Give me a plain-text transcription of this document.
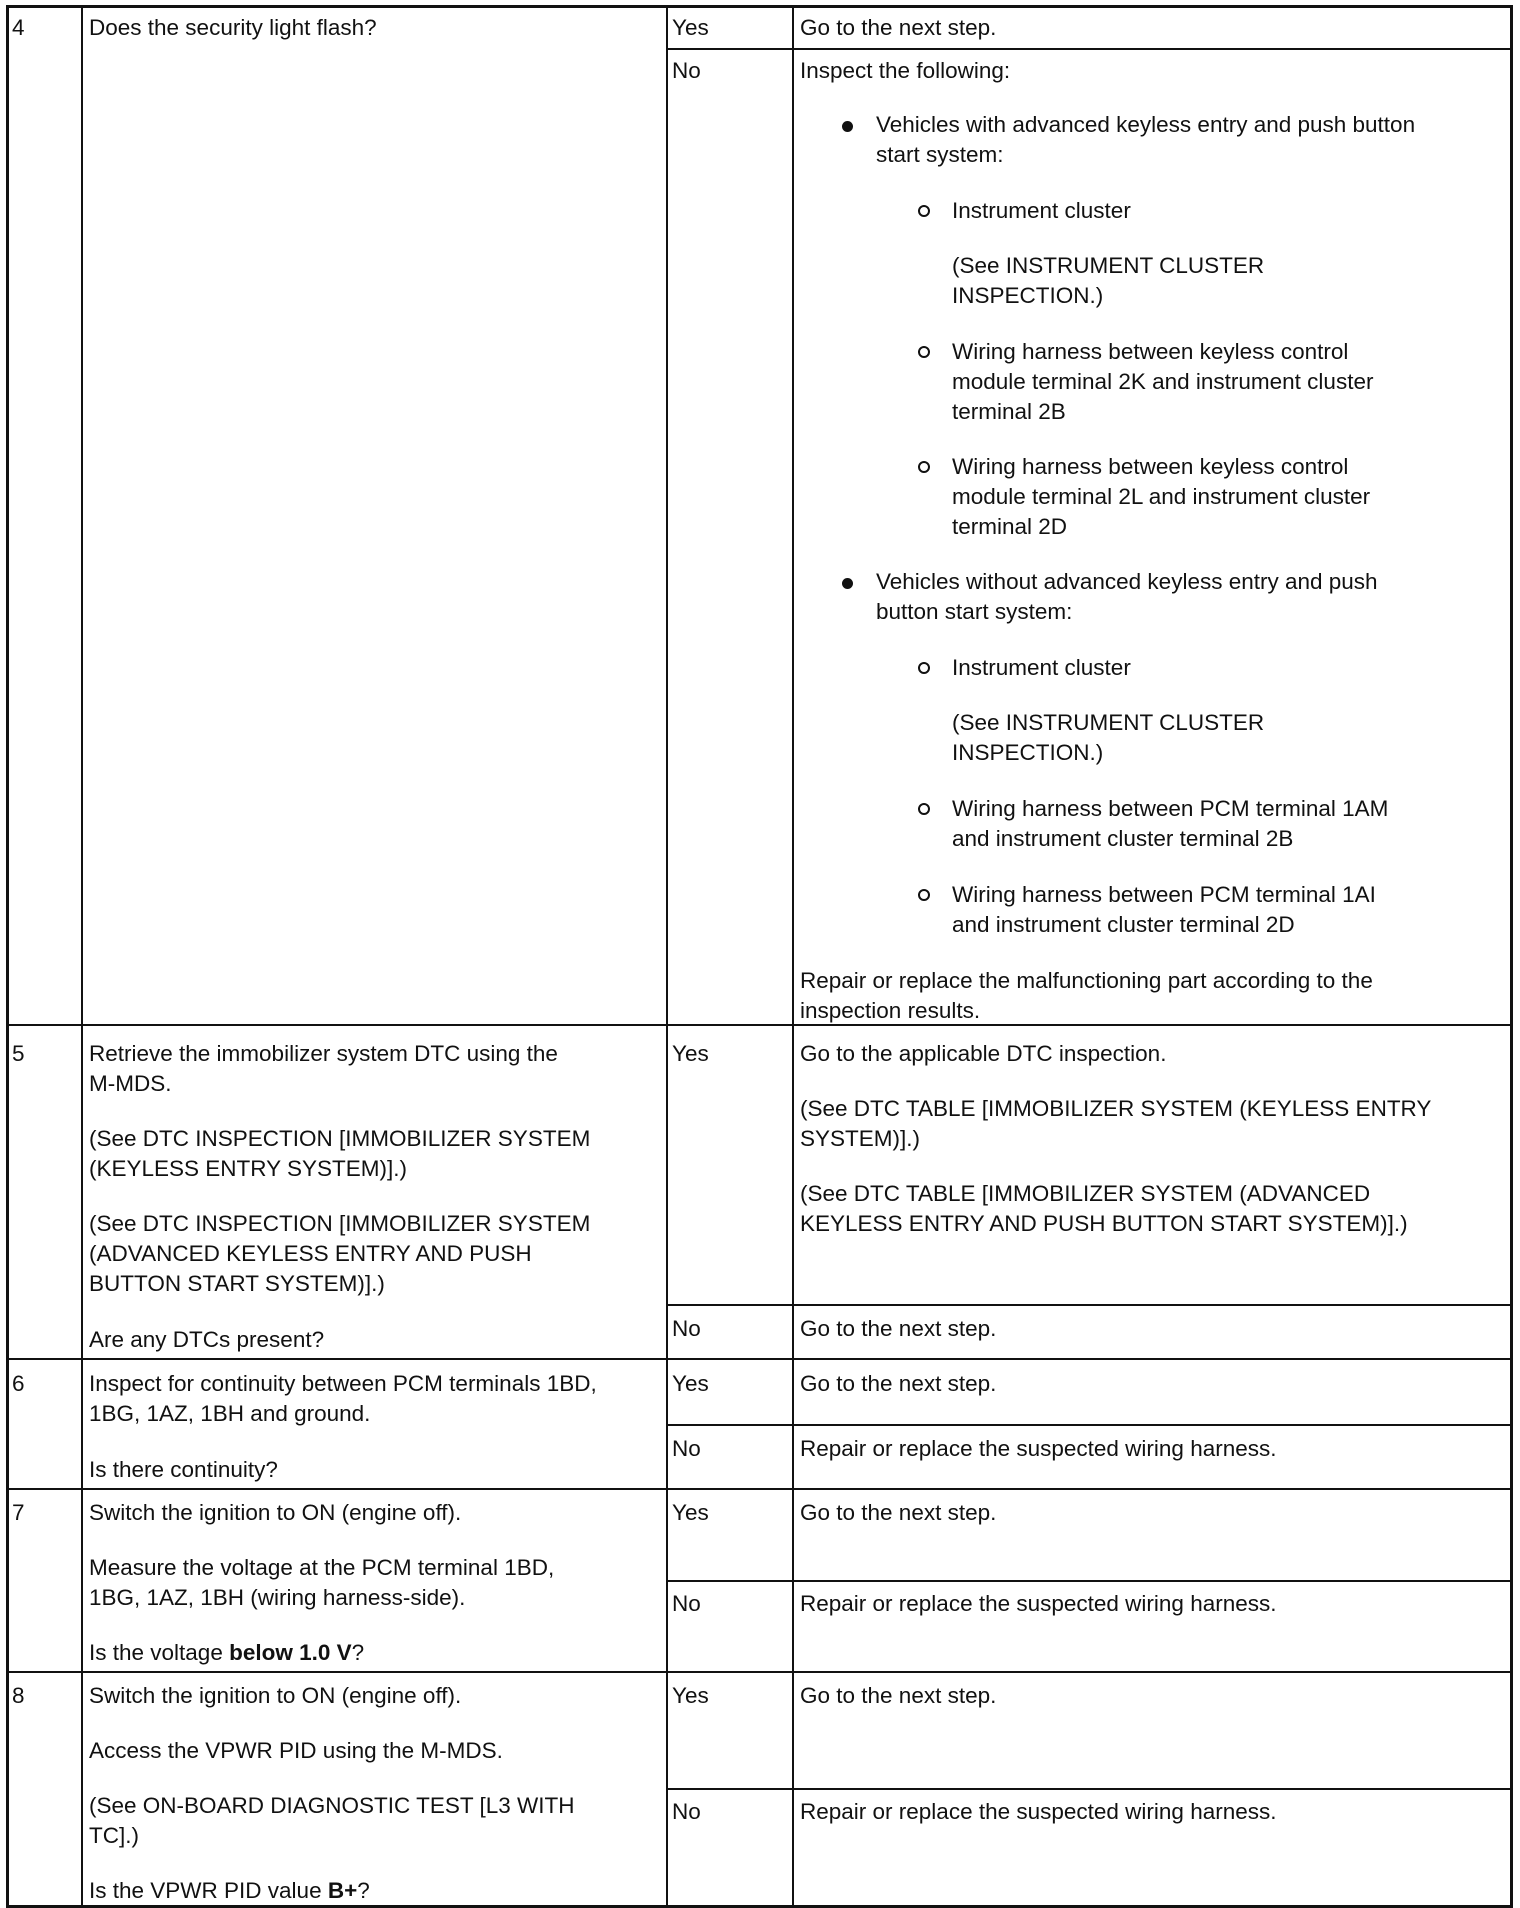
4	Does the security light flash?	Yes	Go to the next step.
No	Inspect the following:
Vehicles with advanced keyless entry and push button
start system:
Instrument cluster
(See INSTRUMENT CLUSTER
INSPECTION.)
Wiring harness between keyless control
module terminal 2K and instrument cluster
terminal 2B
Wiring harness between keyless control
module terminal 2L and instrument cluster
terminal 2D
Vehicles without advanced keyless entry and push
button start system:
Instrument cluster
(See INSTRUMENT CLUSTER
INSPECTION.)
Wiring harness between PCM terminal 1AM
and instrument cluster terminal 2B
Wiring harness between PCM terminal 1AI
and instrument cluster terminal 2D
Repair or replace the malfunctioning part according to the
inspection results.
5	Retrieve the immobilizer system DTC using the
M-MDS.
(See DTC INSPECTION [IMMOBILIZER SYSTEM
(KEYLESS ENTRY SYSTEM)].)
(See DTC INSPECTION [IMMOBILIZER SYSTEM
(ADVANCED KEYLESS ENTRY AND PUSH
BUTTON START SYSTEM)].)
Are any DTCs present?
Yes	Go to the applicable DTC inspection.
(See DTC TABLE [IMMOBILIZER SYSTEM (KEYLESS ENTRY
SYSTEM)].)
(See DTC TABLE [IMMOBILIZER SYSTEM (ADVANCED
KEYLESS ENTRY AND PUSH BUTTON START SYSTEM)].)
No	Go to the next step.
6	Inspect for continuity between PCM terminals 1BD,
1BG, 1AZ, 1BH and ground.
Is there continuity?
Yes	Go to the next step.
No	Repair or replace the suspected wiring harness.
7	Switch the ignition to ON (engine off).
Measure the voltage at the PCM terminal 1BD,
1BG, 1AZ, 1BH (wiring harness-side).
Is the voltage below 1.0 V?
Yes	Go to the next step.
No	Repair or replace the suspected wiring harness.
8	Switch the ignition to ON (engine off).
Access the VPWR PID using the M-MDS.
(See ON-BOARD DIAGNOSTIC TEST [L3 WITH
TC].)
Is the VPWR PID value B+?
Yes	Go to the next step.
No	Repair or replace the suspected wiring harness.
